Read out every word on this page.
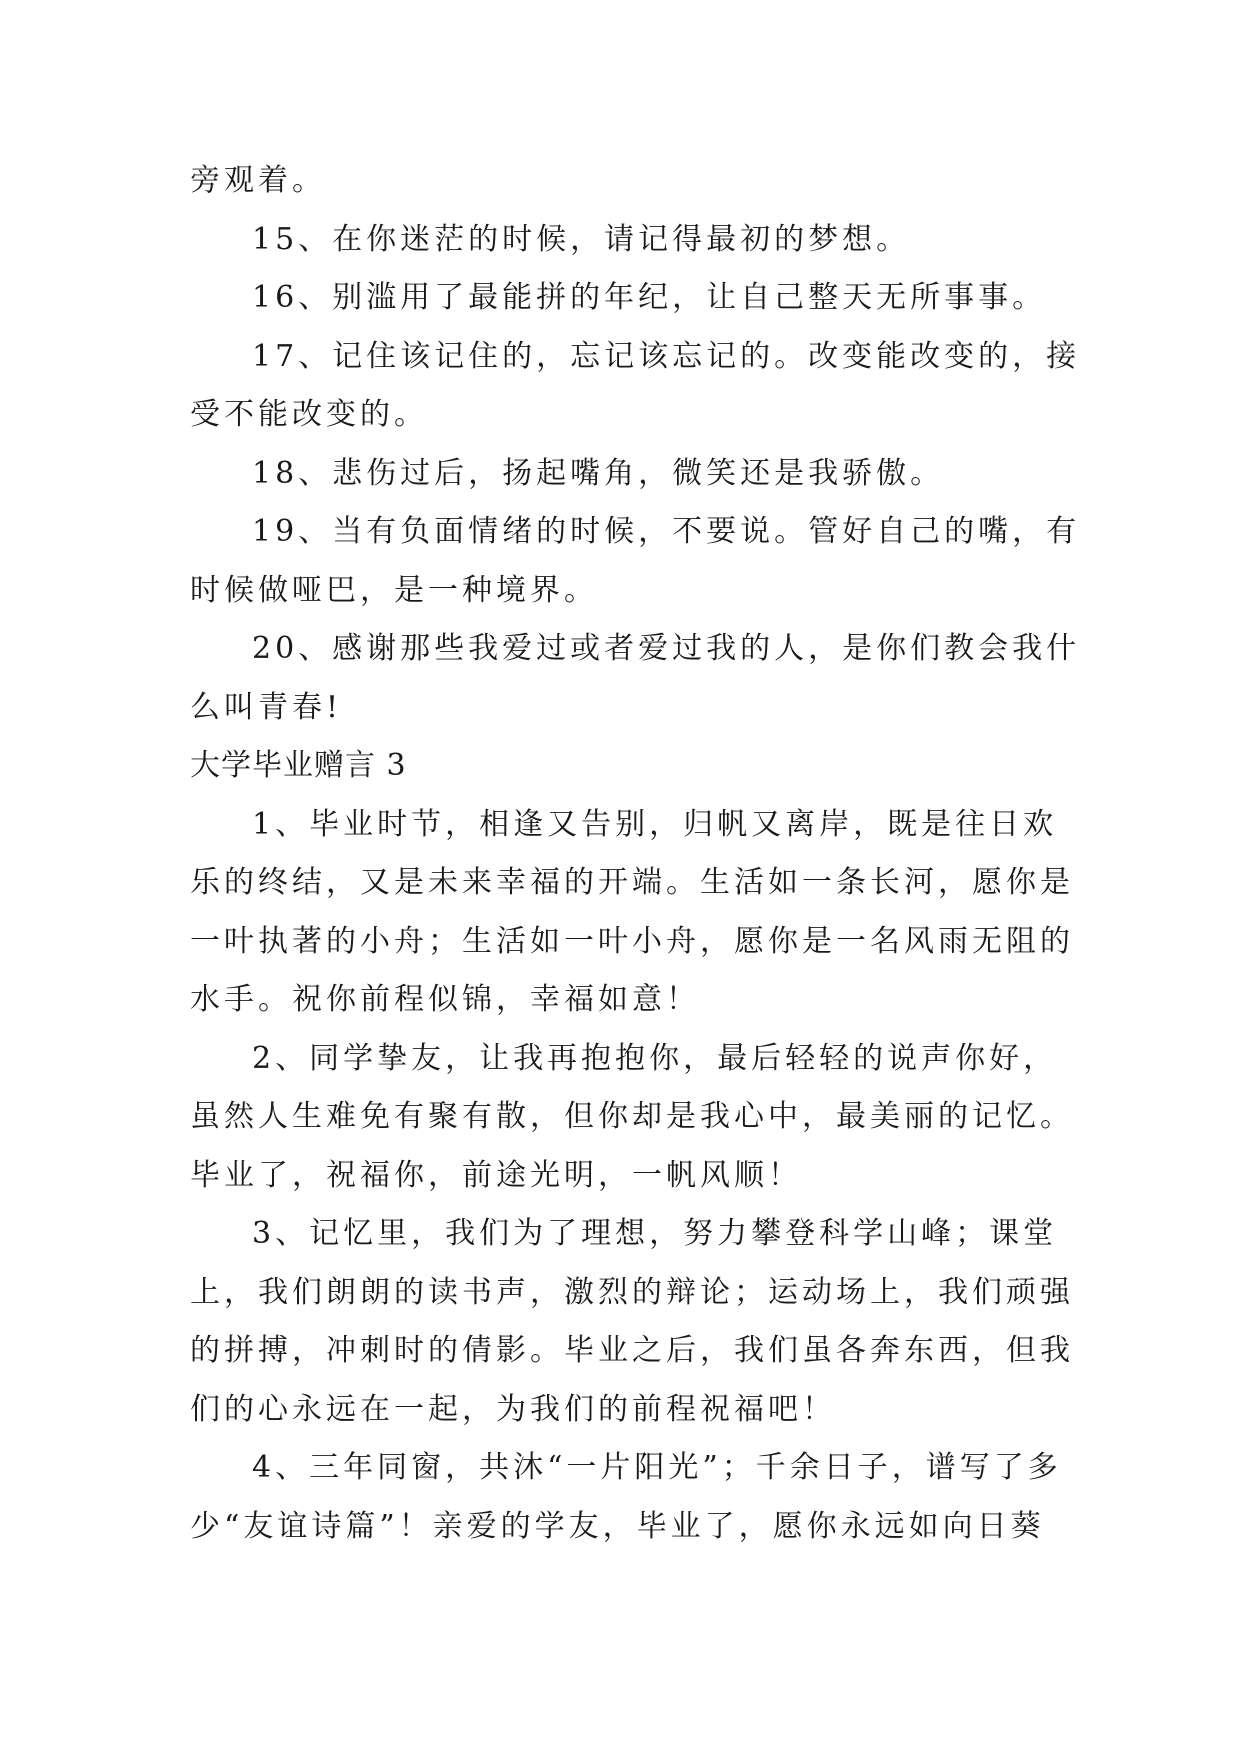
旁观着。
15、在你迷茫的时候，请记得最初的梦想。
16、别滥用了最能拼的年纪，让自己整天无所事事。
17、记住该记住的，忘记该忘记的。改变能改变的，接
受不能改变的。
18、悲伤过后，扬起嘴角，微笑还是我骄傲。
19、当有负面情绪的时候，不要说。管好自己的嘴，有
时候做哑巴，是一种境界。
20、感谢那些我爱过或者爱过我的人，是你们教会我什
么叫青春!
大学毕业赠言 3
1、毕业时节，相逢又告别，归帆又离岸，既是往日欢
乐的终结，又是未来幸福的开端。生活如一条长河，愿你是
一叶执著的小舟；生活如一叶小舟，愿你是一名风雨无阻的
水手。祝你前程似锦，幸福如意！
2、同学挚友，让我再抱抱你，最后轻轻的说声你好，
虽然人生难免有聚有散，但你却是我心中，最美丽的记忆。
毕业了，祝福你，前途光明，一帆风顺！
3、记忆里，我们为了理想，努力攀登科学山峰；课堂
上，我们朗朗的读书声，激烈的辩论；运动场上，我们顽强
的拼搏，冲刺时的倩影。毕业之后，我们虽各奔东西，但我
们的心永远在一起，为我们的前程祝福吧！
4、三年同窗，共沐“一片阳光”；千余日子，谱写了多
少“友谊诗篇”！亲爱的学友，毕业了，愿你永远如向日葵
